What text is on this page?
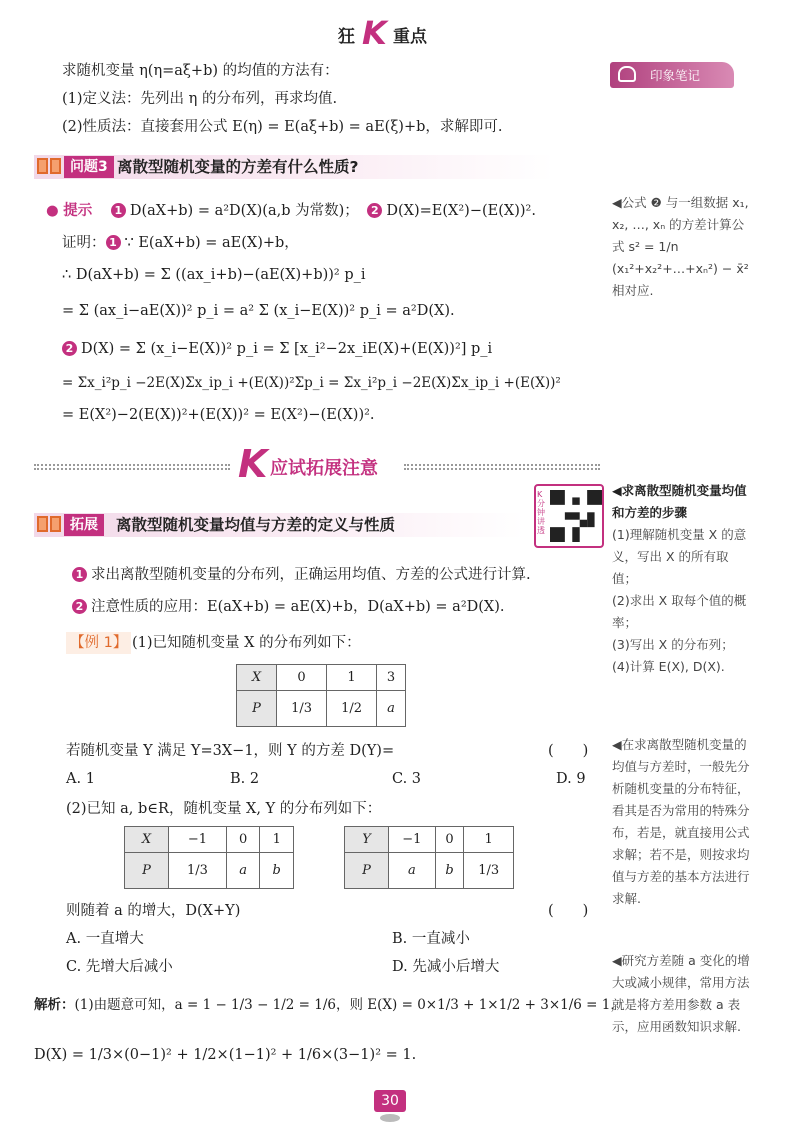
狂 K 重点
印象笔记
求随机变量 η(η=aξ+b) 的均值的方法有：
(1)定义法：先列出 η 的分布列，再求均值.
(2)性质法：直接套用公式 E(η) = E(aξ+b) = aE(ξ)+b，求解即可.
问题3 离散型随机变量的方差有什么性质?
● 提示 1 D(aX+b) = a²D(X)(a,b 为常数)； 2 D(X)=E(X²)−(E(X))².
证明： 1 ∵ E(aX+b) = aE(X)+b，
∴ D(aX+b) = Σ ((ax_i+b)−(aE(X)+b))² p_i
= Σ (ax_i−aE(X))² p_i = a² Σ (x_i−E(X))² p_i = a²D(X).
2 D(X) = Σ (x_i−E(X))² p_i = Σ [x_i²−2x_iE(X)+(E(X))²] p_i
= Σx_i²p_i −2E(X)Σx_ip_i +(E(X))²Σp_i = Σx_i²p_i −2E(X)Σx_ip_i +(E(X))²
= E(X²)−2(E(X))²+(E(X))² = E(X²)−(E(X))².
◀公式 ❷ 与一组数据 x₁, x₂, …, xₙ 的方差计算公式 s² = 1/n (x₁²+x₂²+…+xₙ²) − x̄² 相对应.
K 应试拓展注意
拓展	离散型随机变量均值与方差的定义与性质
K分钟讲透
1 求出离散型随机变量的分布列，正确运用均值、方差的公式进行计算.
2 注意性质的应用：E(aX+b) = aE(X)+b，D(aX+b) = a²D(X).
【例 1】 (1)已知随机变量 X 的分布列如下：
X	0	1	3
P	1/3	1/2	a
若随机变量 Y 满足 Y=3X−1，则 Y 的方差 D(Y)=	(　　)
A. 1	B. 2	C. 3	D. 9
(2)已知 a, b∈R，随机变量 X, Y 的分布列如下：
X	−1	0	1
P	1/3	a	b
Y	−1	0	1
P	a	b	1/3
则随着 a 的增大，D(X+Y)	(　　)
A. 一直增大	B. 一直减小
C. 先增大后减小	D. 先减小后增大
解析：(1)由题意可知，a = 1 − 1/3 − 1/2 = 1/6，则 E(X) = 0×1/3 + 1×1/2 + 3×1/6 = 1，
D(X) = 1/3×(0−1)² + 1/2×(1−1)² + 1/6×(3−1)² = 1.
◀求离散型随机变量均值和方差的步骤
(1)理解随机变量 X 的意义，写出 X 的所有取值；
(2)求出 X 取每个值的概率；
(3)写出 X 的分布列；
(4)计算 E(X), D(X).
◀在求离散型随机变量的均值与方差时，一般先分析随机变量的分布特征，看其是否为常用的特殊分布，若是，就直接用公式求解；若不是，则按求均值与方差的基本方法进行求解.
◀研究方差随 a 变化的增大或减小规律，常用方法就是将方差用参数 a 表示，应用函数知识求解.
30
